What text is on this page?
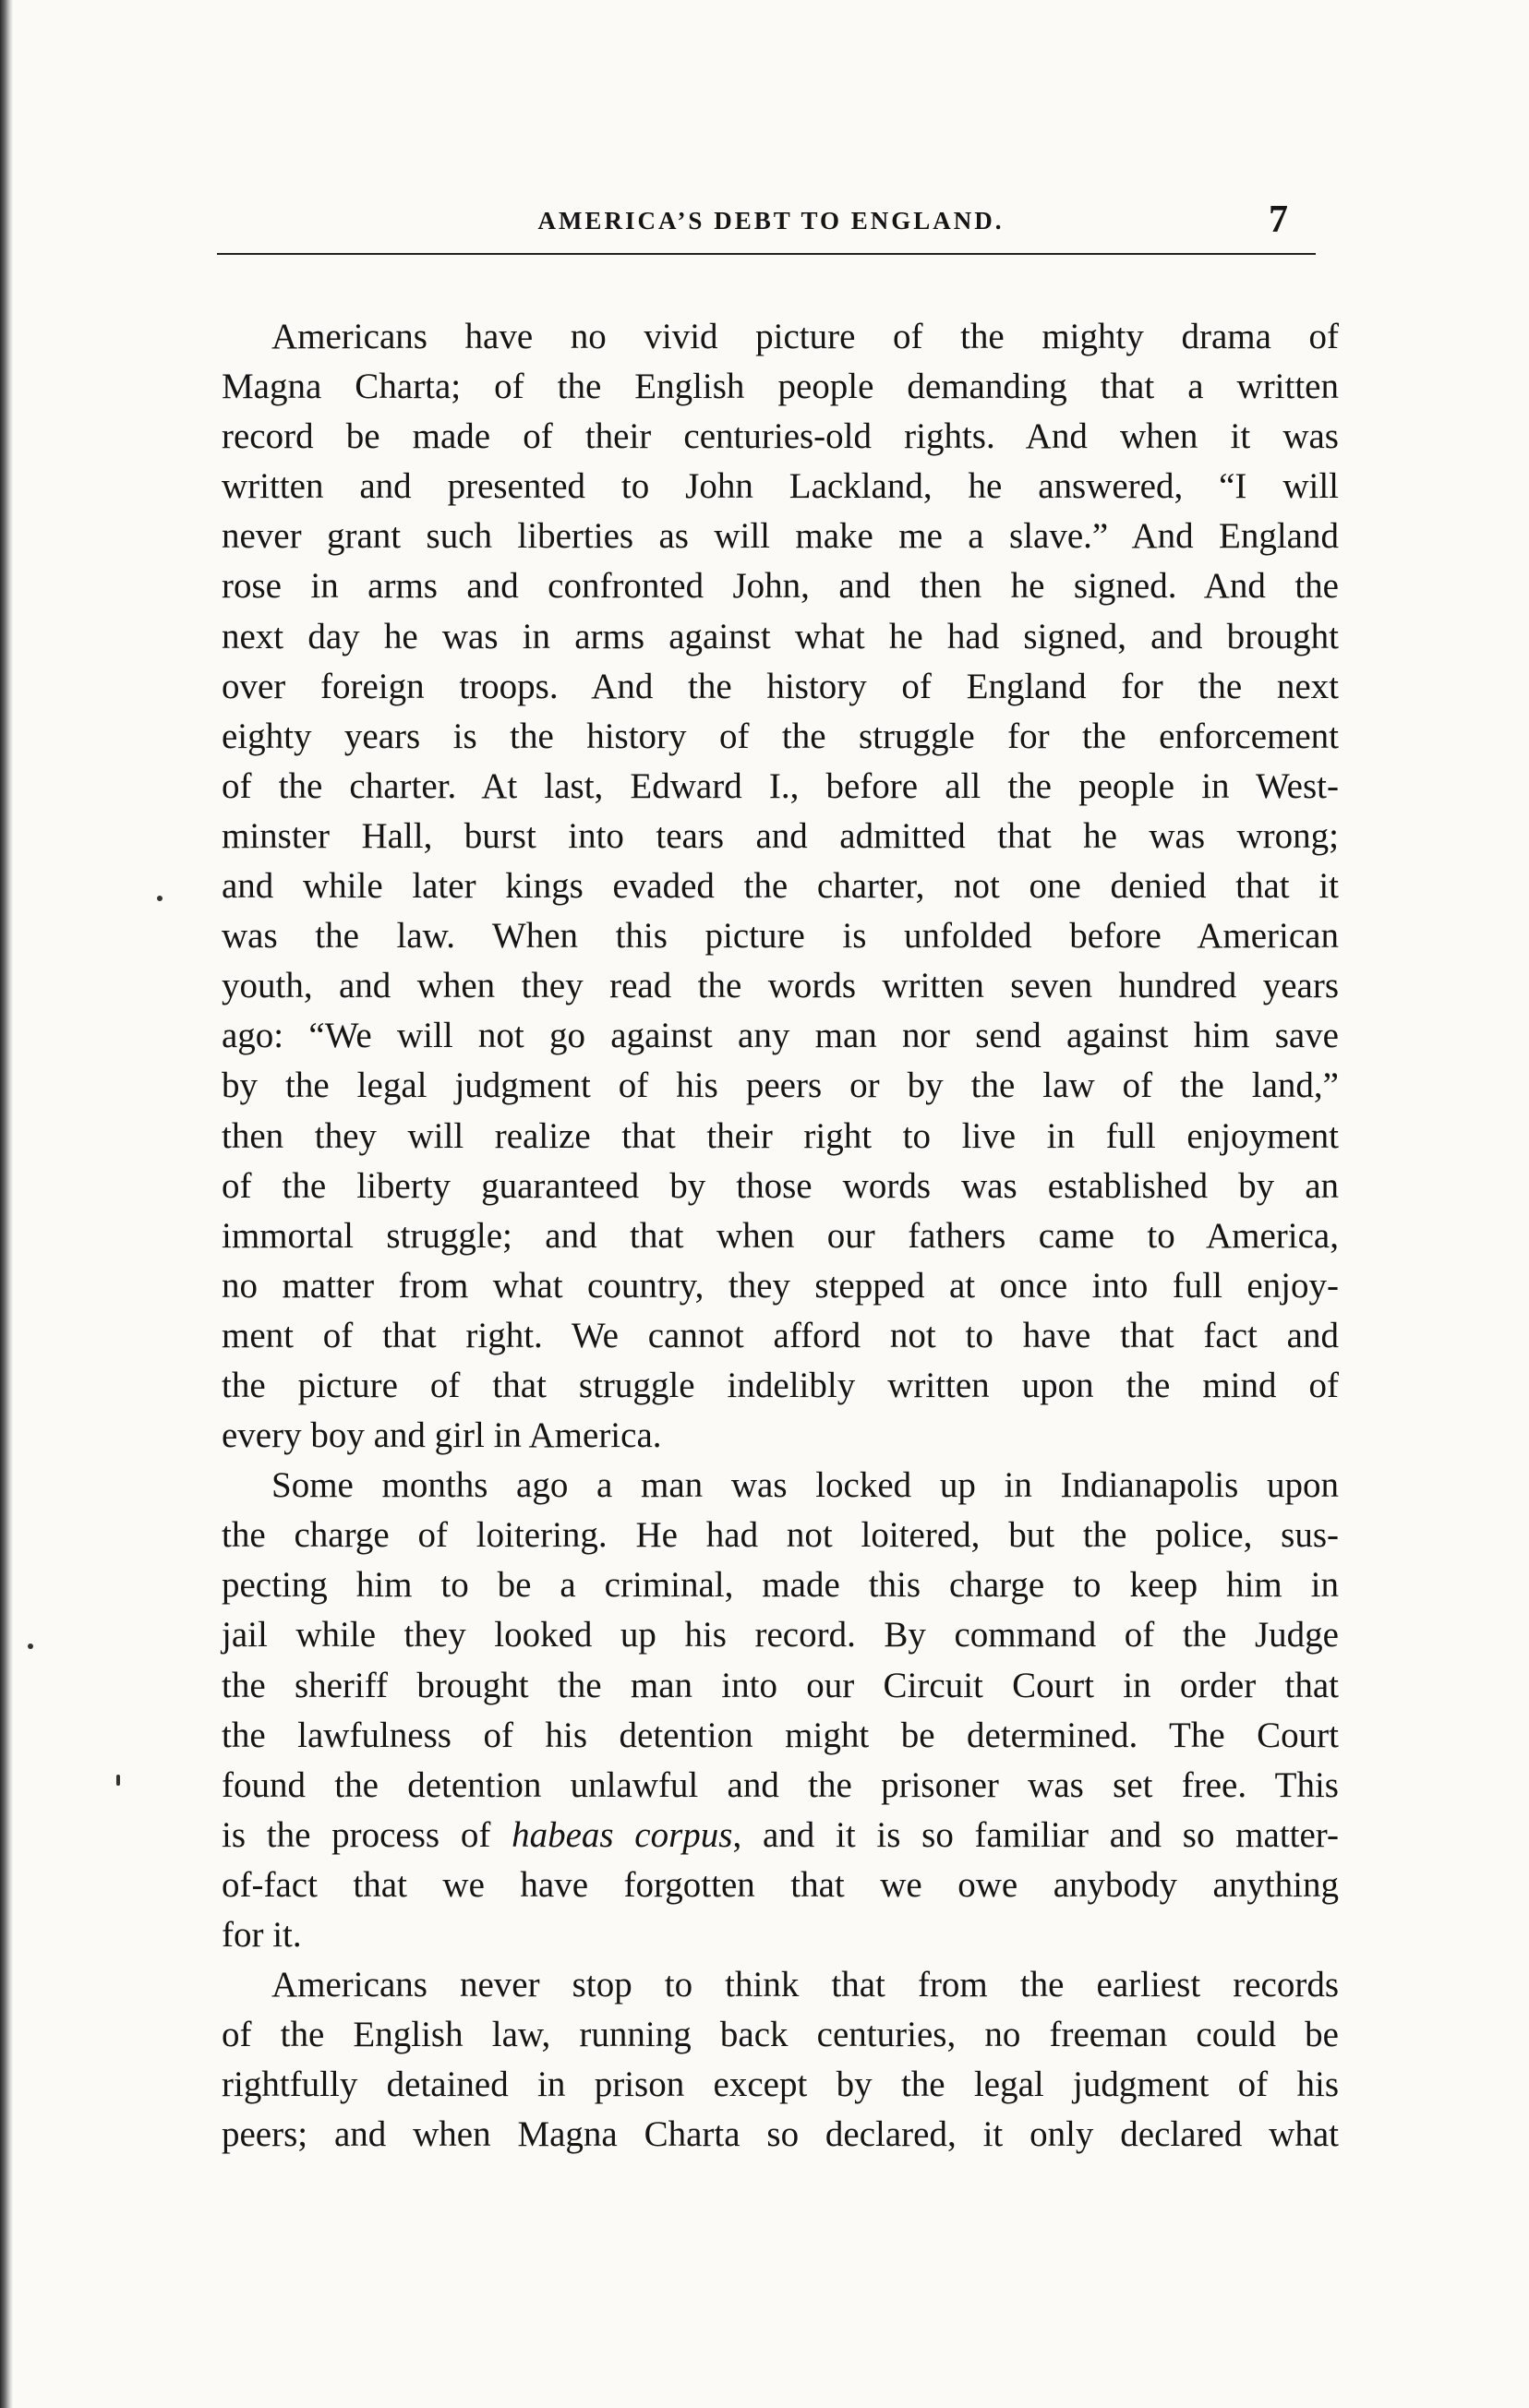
AMERICA’S DEBT TO ENGLAND.	7
Americans have no vivid picture of the mighty drama of
Magna Charta; of the English people demanding that a written
record be made of their centuries-old rights. And when it was
written and presented to John Lackland, he answered, “I will
never grant such liberties as will make me a slave.” And England
rose in arms and confronted John, and then he signed. And the
next day he was in arms against what he had signed, and brought
over foreign troops. And the history of England for the next
eighty years is the history of the struggle for the enforcement
of the charter. At last, Edward I., before all the people in West-
minster Hall, burst into tears and admitted that he was wrong;
and while later kings evaded the charter, not one denied that it
was the law. When this picture is unfolded before American
youth, and when they read the words written seven hundred years
ago: “We will not go against any man nor send against him save
by the legal judgment of his peers or by the law of the land,”
then they will realize that their right to live in full enjoyment
of the liberty guaranteed by those words was established by an
immortal struggle; and that when our fathers came to America,
no matter from what country, they stepped at once into full enjoy-
ment of that right. We cannot afford not to have that fact and
the picture of that struggle indelibly written upon the mind of
every boy and girl in America.
Some months ago a man was locked up in Indianapolis upon
the charge of loitering. He had not loitered, but the police, sus-
pecting him to be a criminal, made this charge to keep him in
jail while they looked up his record. By command of the Judge
the sheriff brought the man into our Circuit Court in order that
the lawfulness of his detention might be determined. The Court
found the detention unlawful and the prisoner was set free. This
is the process of habeas corpus, and it is so familiar and so matter-
of-fact that we have forgotten that we owe anybody anything
for it.
Americans never stop to think that from the earliest records
of the English law, running back centuries, no freeman could be
rightfully detained in prison except by the legal judgment of his
peers; and when Magna Charta so declared, it only declared what
